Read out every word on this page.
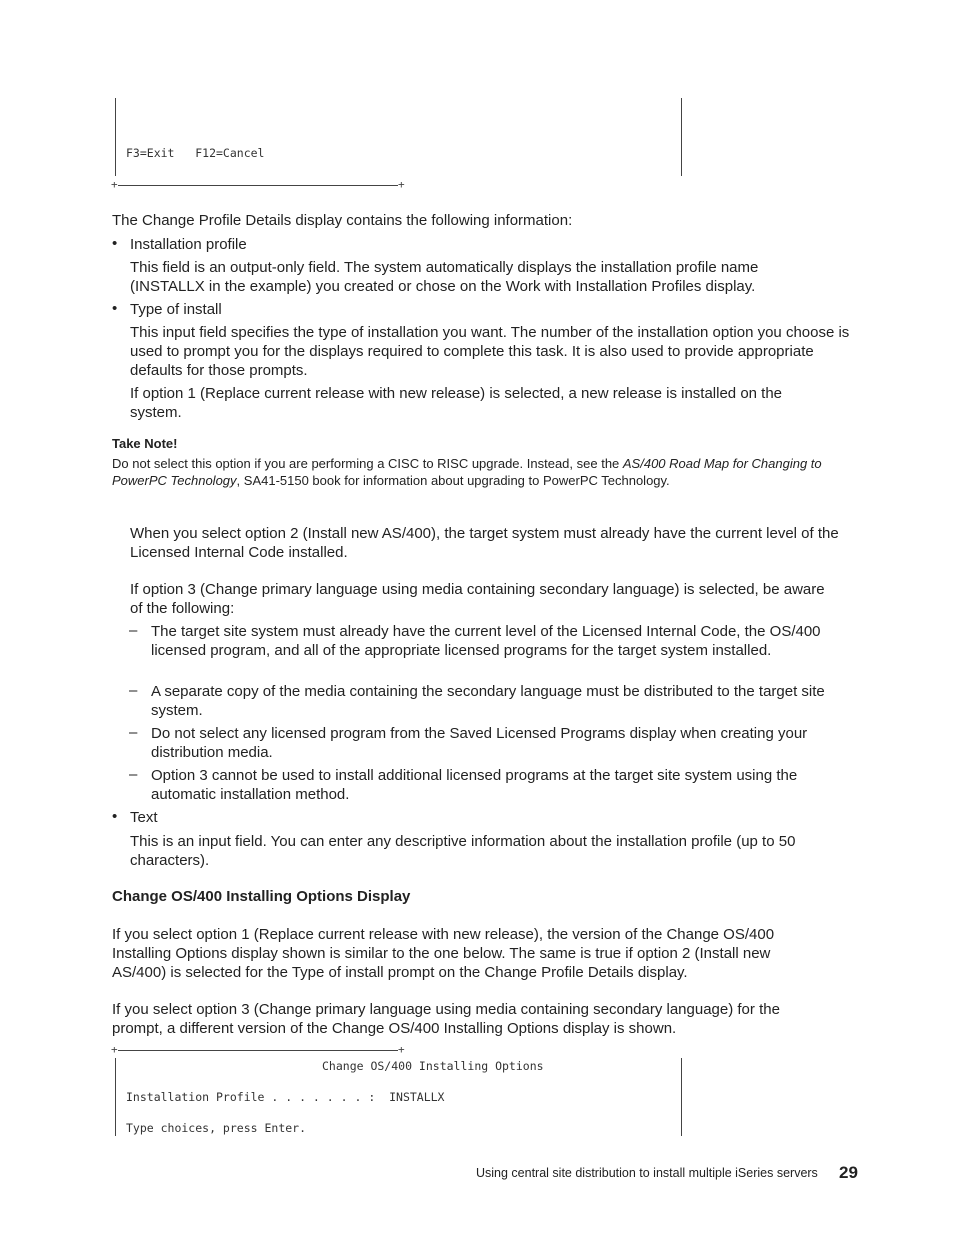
F3=Exit   F12=Cancel
+	+
The Change Profile Details display contains the following information:
• Installation profile
This field is an output-only field. The system automatically displays the installation profile name (INSTALLX in the example) you created or chose on the Work with Installation Profiles display.
• Type of install
This input field specifies the type of installation you want. The number of the installation option you choose is used to prompt you for the displays required to complete this task. It is also used to provide appropriate defaults for those prompts.
If option 1 (Replace current release with new release) is selected, a new release is installed on the system.
Take Note!
Do not select this option if you are performing a CISC to RISC upgrade. Instead, see the AS/400 Road Map for Changing to PowerPC Technology, SA41-5150 book for information about upgrading to PowerPC Technology.
When you select option 2 (Install new AS/400), the target system must already have the current level of the Licensed Internal Code installed.
If option 3 (Change primary language using media containing secondary language) is selected, be aware of the following:
– The target site system must already have the current level of the Licensed Internal Code, the OS/400 licensed program, and all of the appropriate licensed programs for the target system installed.
– A separate copy of the media containing the secondary language must be distributed to the target site system.
– Do not select any licensed program from the Saved Licensed Programs display when creating your distribution media.
– Option 3 cannot be used to install additional licensed programs at the target site system using the automatic installation method.
• Text
This is an input field. You can enter any descriptive information about the installation profile (up to 50 characters).
Change OS/400 Installing Options Display
If you select option 1 (Replace current release with new release), the version of the Change OS/400 Installing Options display shown is similar to the one below. The same is true if option 2 (Install new AS/400) is selected for the Type of install prompt on the Change Profile Details display.
If you select option 3 (Change primary language using media containing secondary language) for the prompt, a different version of the Change OS/400 Installing Options display is shown.
+	+
Change OS/400 Installing Options
Installation Profile . . . . . . . :  INSTALLX
Type choices, press Enter.
Using central site distribution to install multiple iSeries servers 29
